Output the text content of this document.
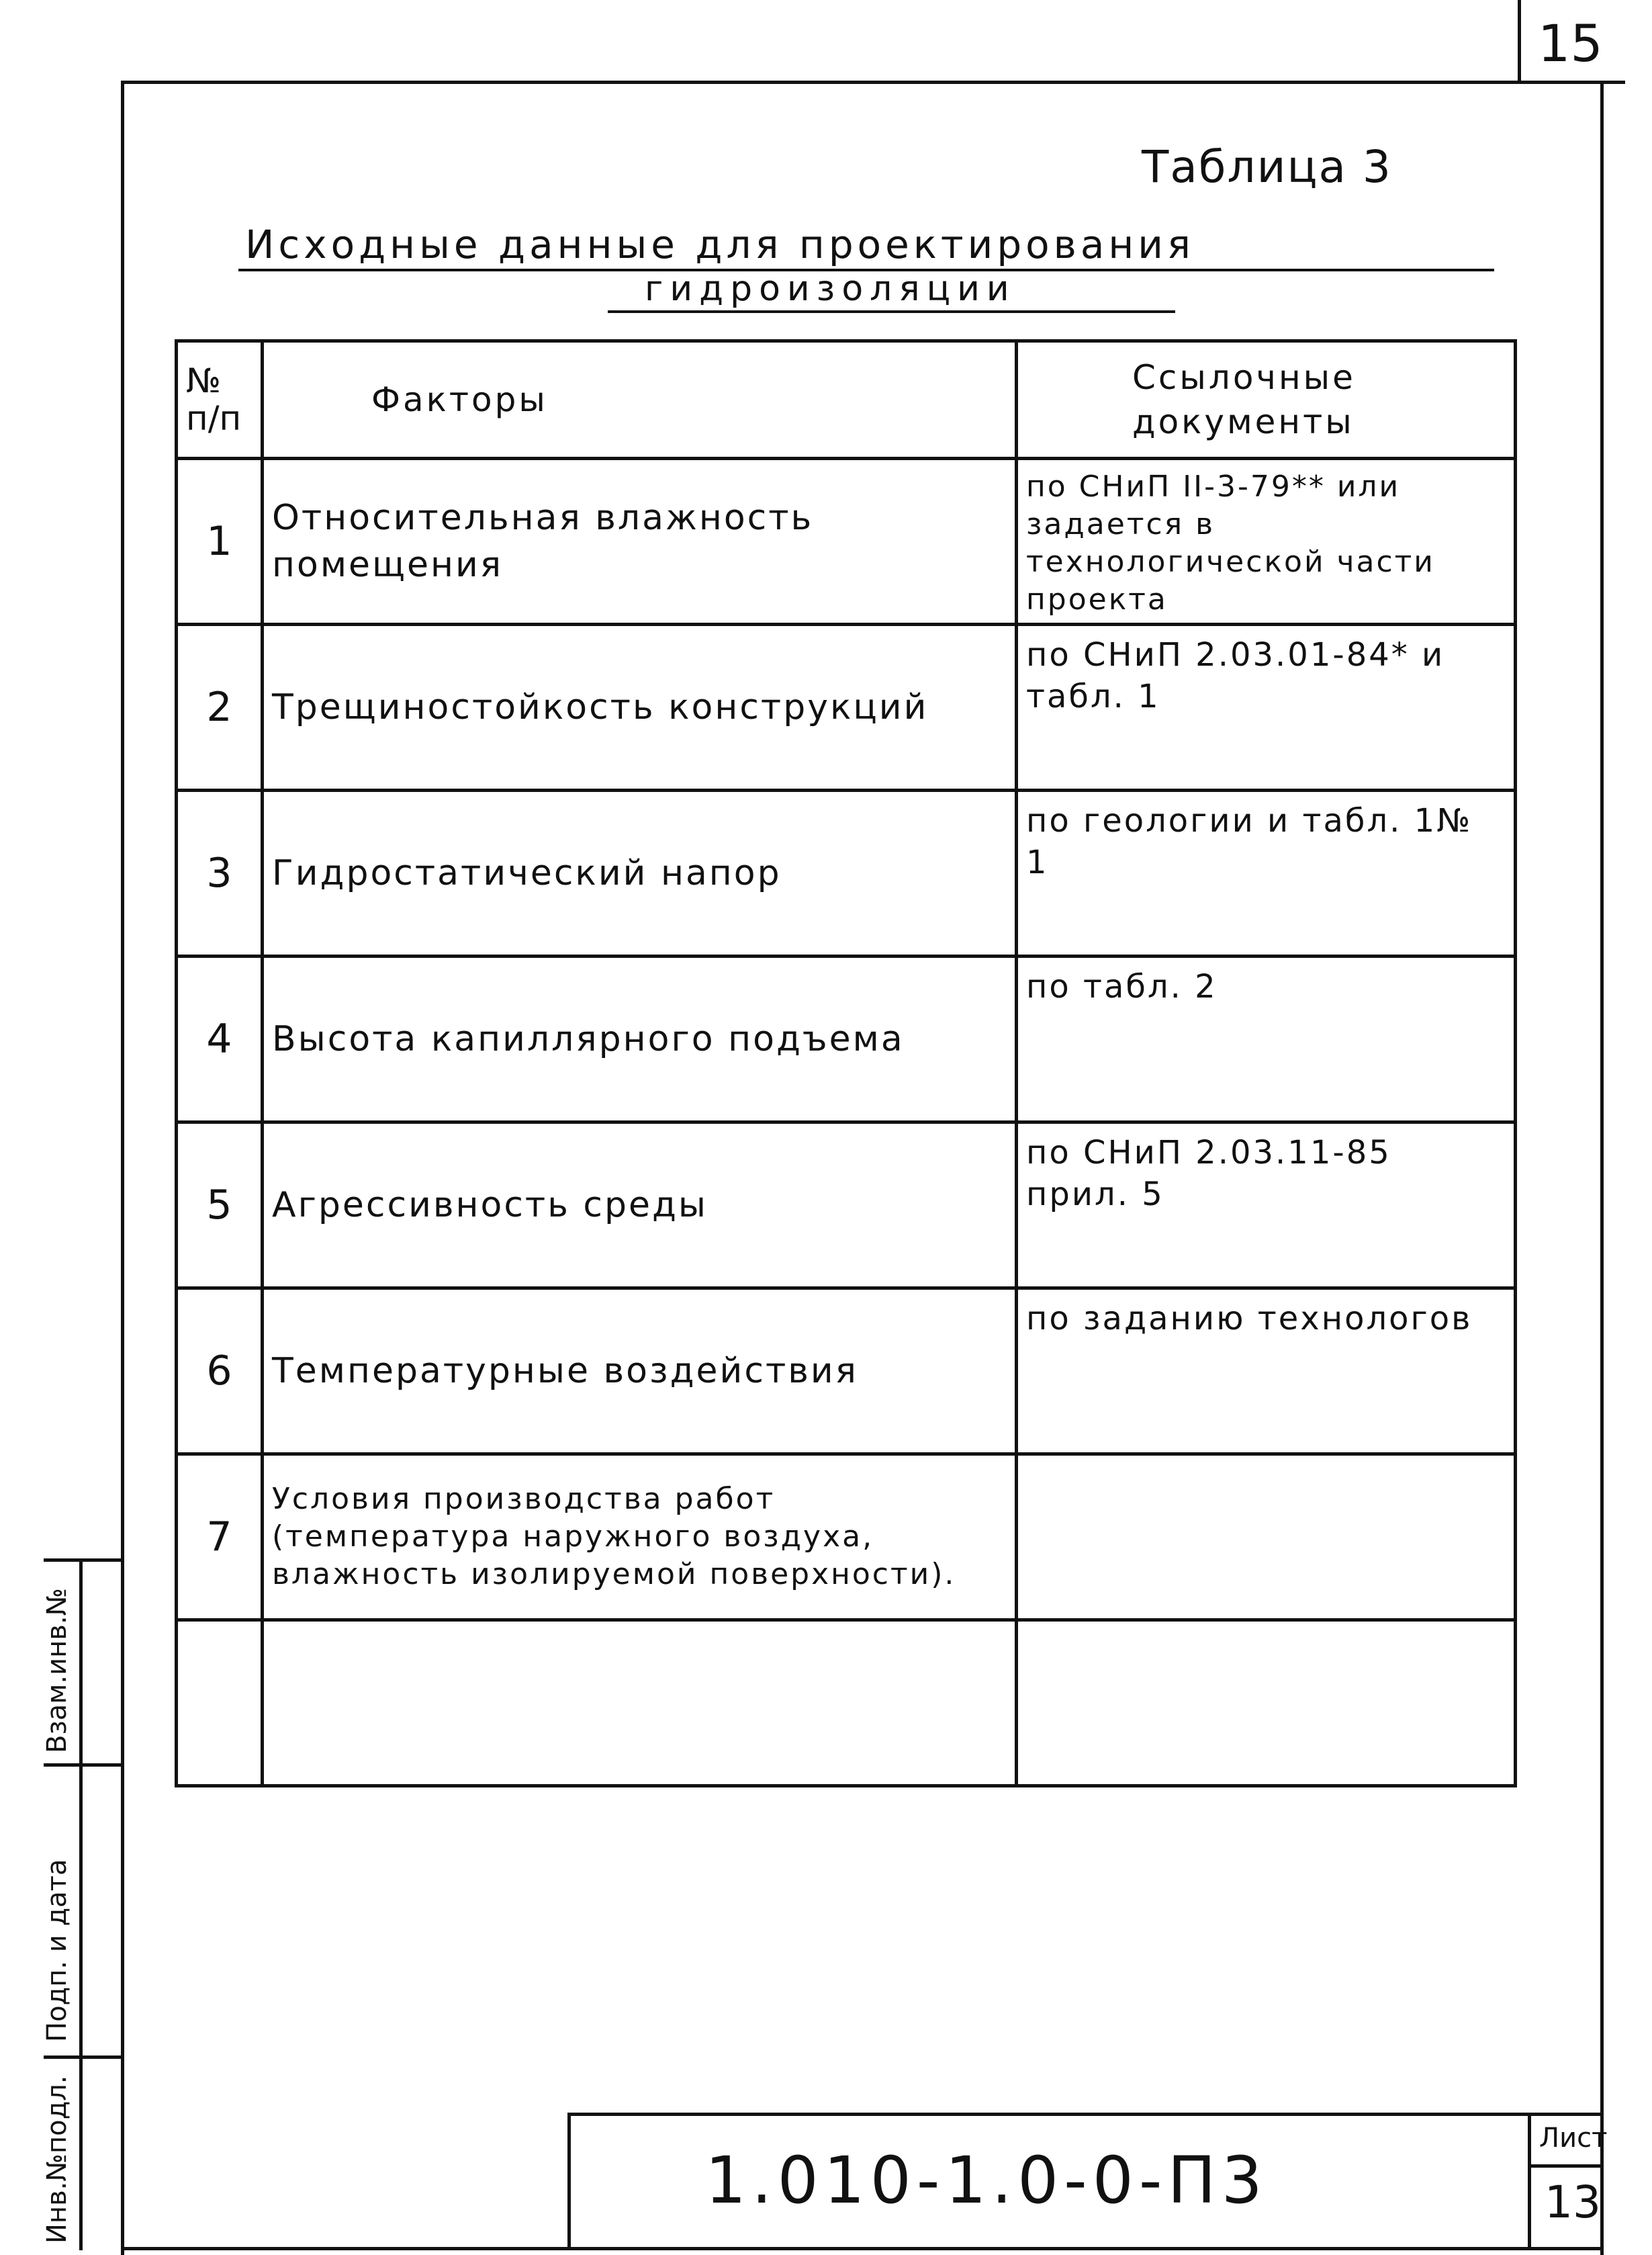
15
Взам.инв.№
Подп. и дата
Инв.№подл.
Таблица 3
Исходные данные для проектирования
гидроизоляции
№ п/п	Факторы	Ссылочные документы
1	Относительная влажность помещения	по СНиП II-3-79** или задается в технологической части проекта
2	Трещиностойкость конструкций	по СНиП 2.03.01-84* и табл. 1
3	Гидростатический напор	по геологии и табл. 1№ 1
4	Высота капиллярного подъема	по табл. 2
5	Агрессивность среды	по СНиП 2.03.11-85 прил. 5
6	Температурные воздействия	по заданию технологов
7	Условия производства работ (температура наружного воздуха, влажность изолируемой поверхности).	

1.010-1.0-0-П3
Лист
13
